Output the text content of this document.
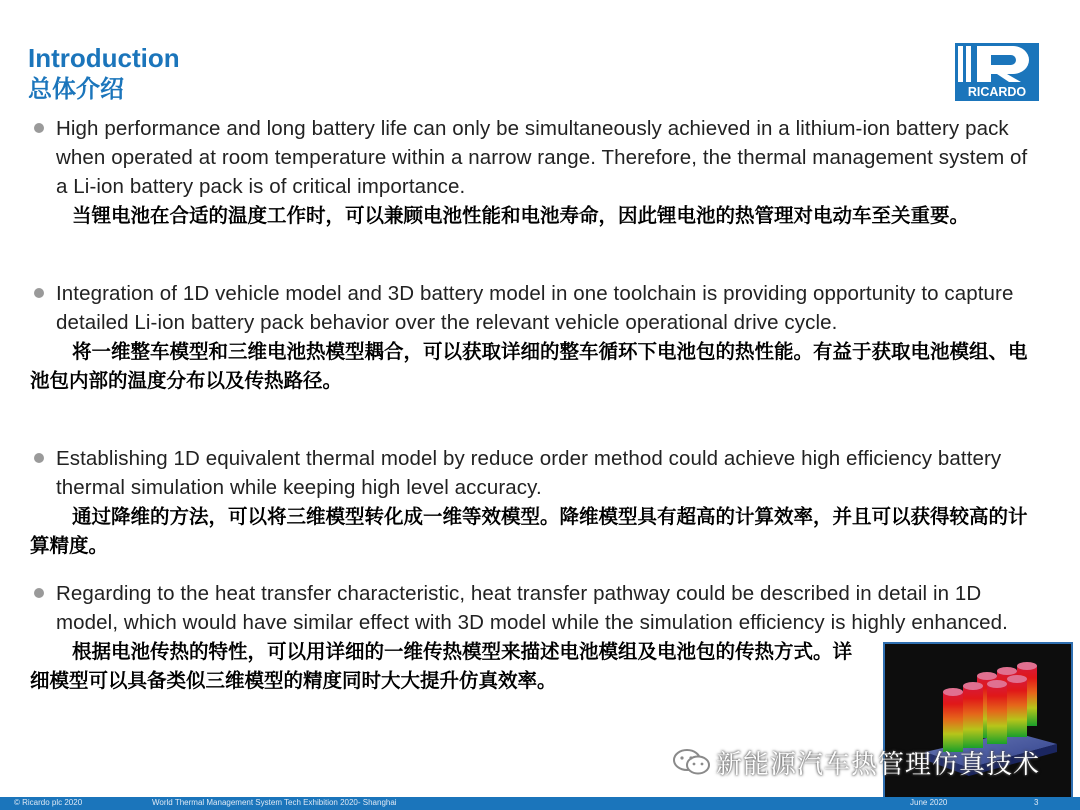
Introduction
总体介绍	RICARDO
High performance and long battery life can only be simultaneously achieved in a lithium-ion battery pack when operated at room temperature within a narrow range. Therefore, the thermal management system of a Li-ion battery pack is of critical importance.
当锂电池在合适的温度工作时，可以兼顾电池性能和电池寿命，因此锂电池的热管理对电动车至关重要。
Integration of 1D vehicle model and 3D battery model in one toolchain is providing opportunity to capture detailed Li-ion battery pack behavior over the relevant vehicle operational drive cycle.
将一维整车模型和三维电池热模型耦合，可以获取详细的整车循环下电池包的热性能。有益于获取电池模组、电池包内部的温度分布以及传热路径。
Establishing 1D equivalent thermal model by reduce order method could achieve high efficiency battery thermal simulation while keeping high level accuracy.
通过降维的方法，可以将三维模型转化成一维等效模型。降维模型具有超高的计算效率，并且可以获得较高的计算精度。
Regarding to the heat transfer characteristic, heat transfer pathway could be described in detail in 1D model, which would have similar effect with 3D model while the simulation efficiency is highly enhanced.
根据电池传热的特性，可以用详细的一维传热模型来描述电池模组及电池包的传热方式。详细模型可以具备类似三维模型的精度同时大大提升仿真效率。
新能源汽车热管理仿真技术
© Ricardo plc 2020	World Thermal Management System Tech Exhibition 2020- Shanghai	June 2020	3
